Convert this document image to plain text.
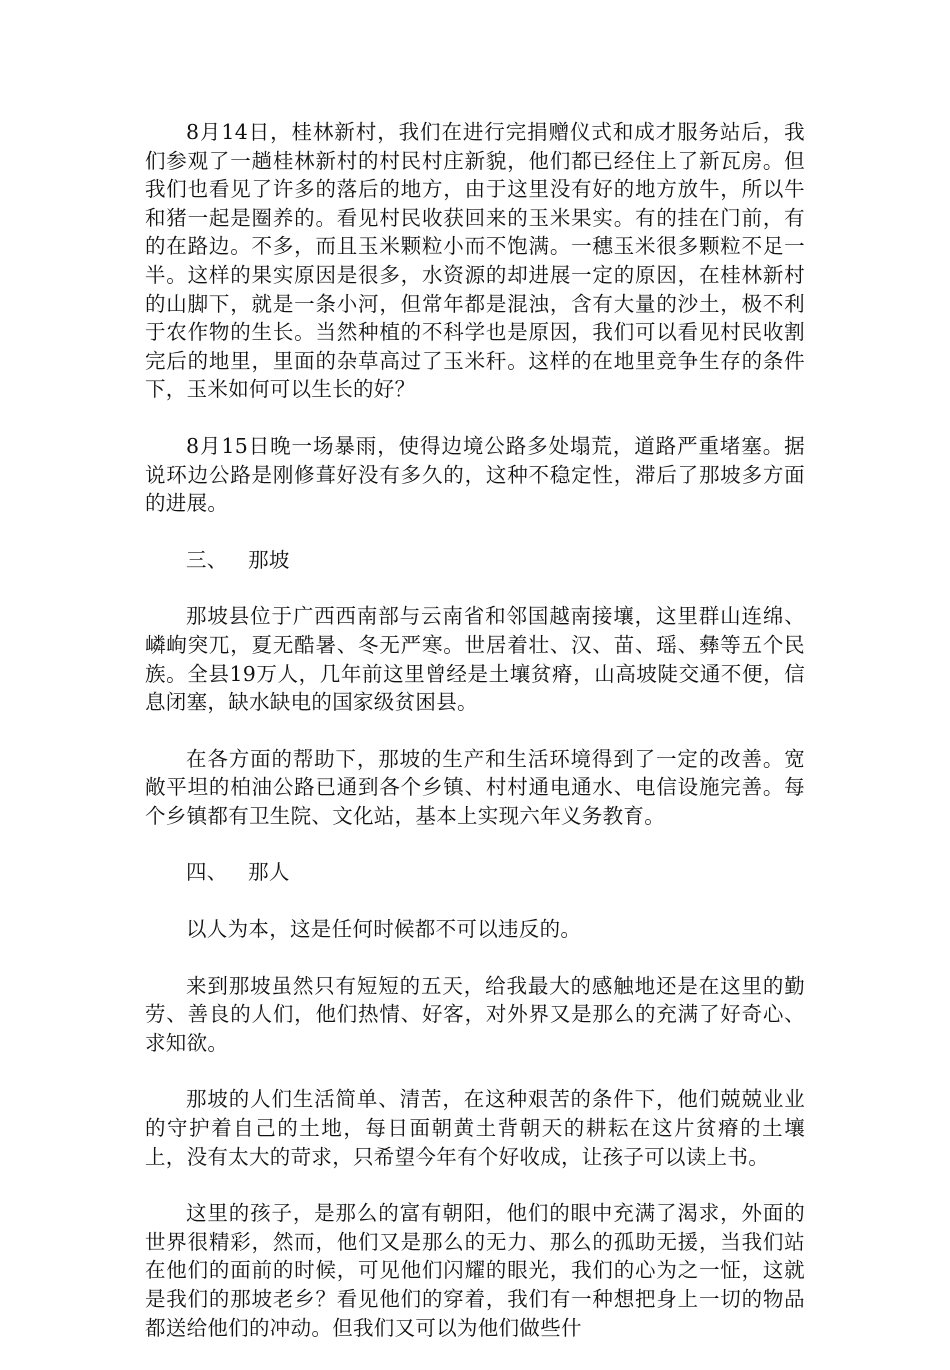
8月14日，桂林新村，我们在进行完捐赠仪式和成才服务站后，我们参观了一趟桂林新村的村民村庄新貌，他们都已经住上了新瓦房。但我们也看见了许多的落后的地方，由于这里没有好的地方放牛，所以牛和猪一起是圈养的。看见村民收获回来的玉米果实。有的挂在门前，有的在路边。不多，而且玉米颗粒小而不饱满。一穗玉米很多颗粒不足一半。这样的果实原因是很多，水资源的却进展一定的原因，在桂林新村的山脚下，就是一条小河，但常年都是混浊，含有大量的沙土，极不利于农作物的生长。当然种植的不科学也是原因，我们可以看见村民收割完后的地里，里面的杂草高过了玉米秆。这样的在地里竞争生存的条件下，玉米如何可以生长的好？

8月15日晚一场暴雨，使得边境公路多处塌荒，道路严重堵塞。据说环边公路是刚修葺好没有多久的，这种不稳定性，滞后了那坡多方面的进展。

三、 那坡

那坡县位于广西西南部与云南省和邻国越南接壤，这里群山连绵、嶙峋突兀，夏无酷暑、冬无严寒。世居着壮、汉、苗、瑶、彝等五个民族。全县19万人，几年前这里曾经是土壤贫瘠，山高坡陡交通不便，信息闭塞，缺水缺电的国家级贫困县。

在各方面的帮助下，那坡的生产和生活环境得到了一定的改善。宽敞平坦的柏油公路已通到各个乡镇、村村通电通水、电信设施完善。每个乡镇都有卫生院、文化站，基本上实现六年义务教育。

四、 那人

以人为本，这是任何时候都不可以违反的。

来到那坡虽然只有短短的五天，给我最大的感触地还是在这里的勤劳、善良的人们，他们热情、好客，对外界又是那么的充满了好奇心、求知欲。

那坡的人们生活简单、清苦，在这种艰苦的条件下，他们兢兢业业的守护着自己的土地，每日面朝黄土背朝天的耕耘在这片贫瘠的土壤上，没有太大的苛求，只希望今年有个好收成，让孩子可以读上书。

这里的孩子，是那么的富有朝阳，他们的眼中充满了渴求，外面的世界很精彩，然而，他们又是那么的无力、那么的孤助无援，当我们站在他们的面前的时候，可见他们闪耀的眼光，我们的心为之一怔，这就是我们的那坡老乡？看见他们的穿着，我们有一种想把身上一切的物品都送给他们的冲动。但我们又可以为他们做些什
